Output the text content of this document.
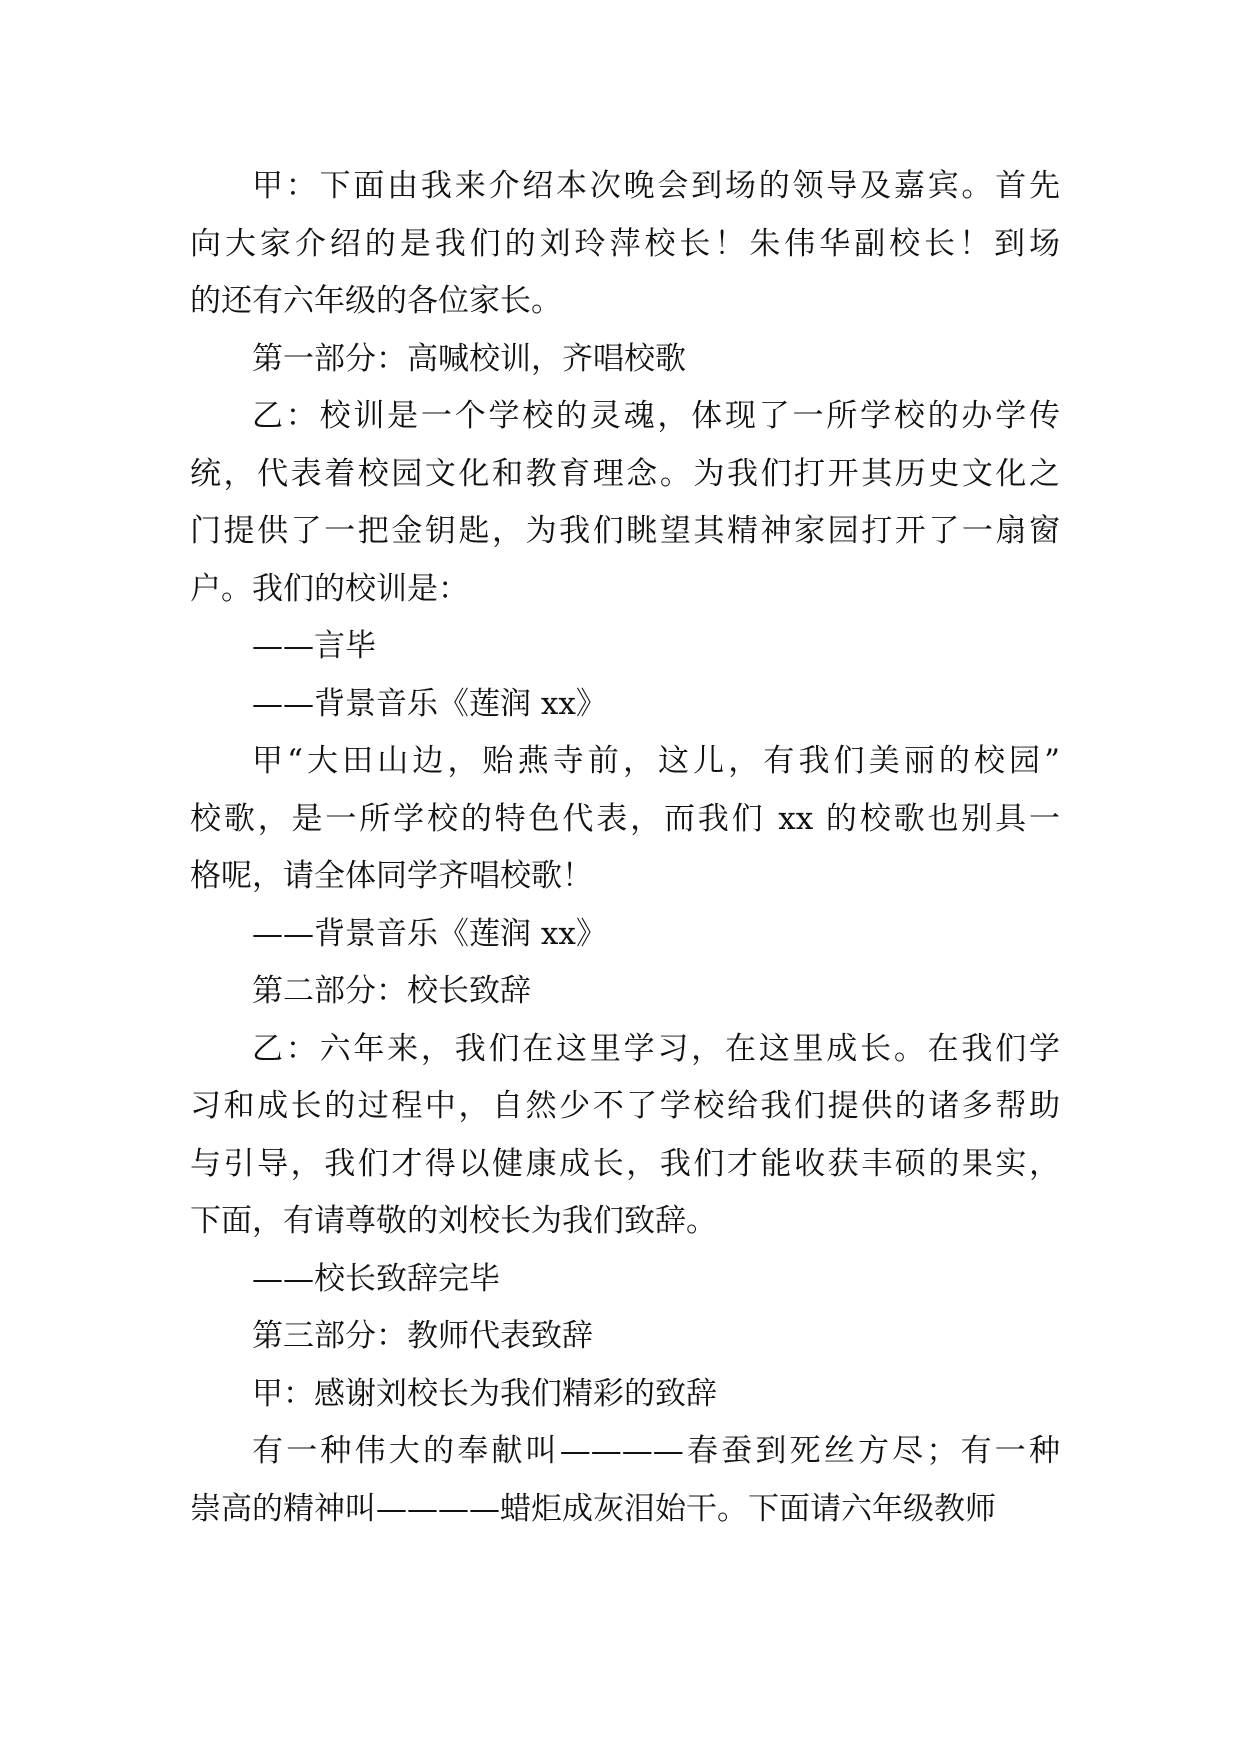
甲：下面由我来介绍本次晚会到场的领导及嘉宾。首先
向大家介绍的是我们的刘玲萍校长！朱伟华副校长！到场
的还有六年级的各位家长。
第一部分：高喊校训，齐唱校歌
乙：校训是一个学校的灵魂，体现了一所学校的办学传
统，代表着校园文化和教育理念。为我们打开其历史文化之
门提供了一把金钥匙，为我们眺望其精神家园打开了一扇窗
户。我们的校训是：
——言毕
——背景音乐《莲润 xx》
甲“大田山边，贻燕寺前，这儿，有我们美丽的校园”
校歌，是一所学校的特色代表，而我们 xx 的校歌也别具一
格呢，请全体同学齐唱校歌！
——背景音乐《莲润 xx》
第二部分：校长致辞
乙：六年来，我们在这里学习，在这里成长。在我们学
习和成长的过程中，自然少不了学校给我们提供的诸多帮助
与引导，我们才得以健康成长，我们才能收获丰硕的果实，
下面，有请尊敬的刘校长为我们致辞。
——校长致辞完毕
第三部分：教师代表致辞
甲：感谢刘校长为我们精彩的致辞
有一种伟大的奉献叫————春蚕到死丝方尽；有一种
崇高的精神叫————蜡炬成灰泪始干。下面请六年级教师
